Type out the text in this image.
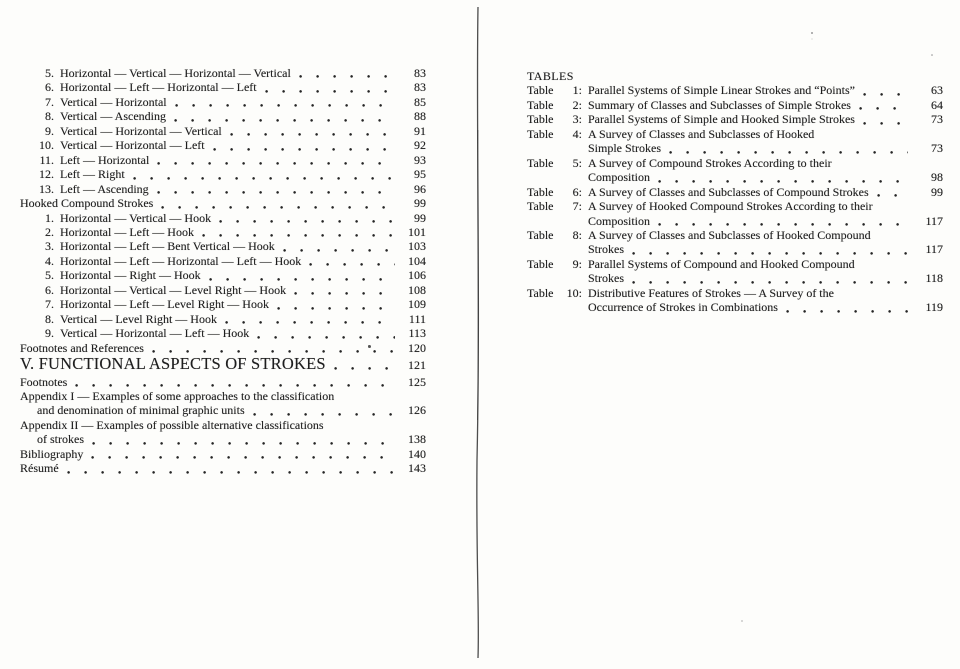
5. Horizontal — Vertical — Horizontal — Vertical	83
6. Horizontal — Left — Horizontal — Left	83
7. Vertical — Horizontal	85
8. Vertical — Ascending	88
9. Vertical — Horizontal — Vertical	91
10. Vertical — Horizontal — Left	92
11. Left — Horizontal	93
12. Left — Right	95
13. Left — Ascending	96
Hooked Compound Strokes	99
1. Horizontal — Vertical — Hook	99
2. Horizontal — Left — Hook	101
3. Horizontal — Left — Bent Vertical — Hook	103
4. Horizontal — Left — Horizontal — Left — Hook	104
5. Horizontal — Right — Hook	106
6. Horizontal — Vertical — Level Right — Hook	108
7. Horizontal — Left — Level Right — Hook	109
8. Vertical — Level Right — Hook	111
9. Vertical — Horizontal — Left — Hook	113
Footnotes and References	120
V. FUNCTIONAL ASPECTS OF STROKES	121
Footnotes	125
Appendix I — Examples of some approaches to the classification
and denomination of minimal graphic units	126
Appendix II — Examples of possible alternative classifications
of strokes	138
Bibliography	140
Résumé	143
TABLES
Table	1: Parallel Systems of Simple Linear Strokes and “Points”	63
Table	2: Summary of Classes and Subclasses of Simple Strokes	64
Table	3: Parallel Systems of Simple and Hooked Simple Strokes	73
Table	4: A Survey of Classes and Subclasses of Hooked
Simple Strokes	73
Table	5: A Survey of Compound Strokes According to their
Composition	98
Table	6: A Survey of Classes and Subclasses of Compound Strokes	99
Table	7: A Survey of Hooked Compound Strokes According to their
Composition	117
Table	8: A Survey of Classes and Subclasses of Hooked Compound
Strokes	117
Table	9: Parallel Systems of Compound and Hooked Compound
Strokes	118
Table	10: Distributive Features of Strokes — A Survey of the
Occurrence of Strokes in Combinations	119
